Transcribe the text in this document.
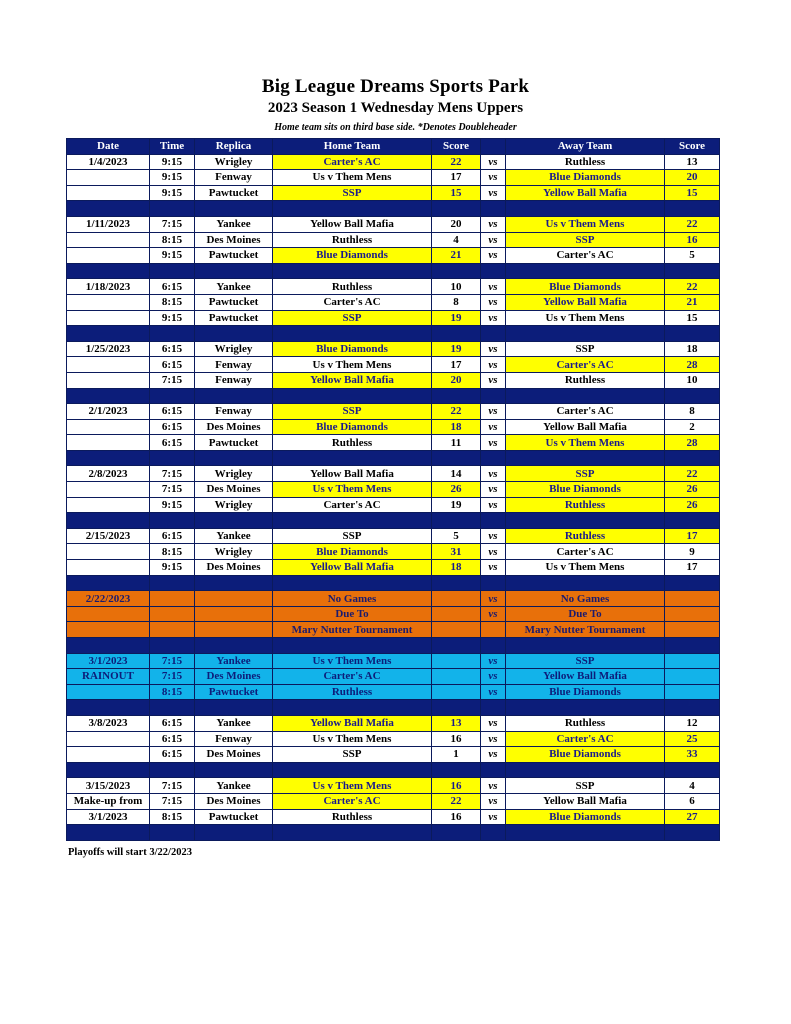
Big League Dreams Sports Park
2023 Season 1 Wednesday Mens Uppers
Home team sits on third base side. *Denotes Doubleheader
Date	Time	Replica	Home Team	Score		Away Team	Score
1/4/2023	9:15	Wrigley	Carter's AC	22	vs	Ruthless	13
	9:15	Fenway	Us v Them Mens	17	vs	Blue Diamonds	20
	9:15	Pawtucket	SSP	15	vs	Yellow Ball Mafia	15

1/11/2023	7:15	Yankee	Yellow Ball Mafia	20	vs	Us v Them Mens	22
	8:15	Des Moines	Ruthless	4	vs	SSP	16
	9:15	Pawtucket	Blue Diamonds	21	vs	Carter's AC	5

1/18/2023	6:15	Yankee	Ruthless	10	vs	Blue Diamonds	22
	8:15	Pawtucket	Carter's AC	8	vs	Yellow Ball Mafia	21
	9:15	Pawtucket	SSP	19	vs	Us v Them Mens	15

1/25/2023	6:15	Wrigley	Blue Diamonds	19	vs	SSP	18
	6:15	Fenway	Us v Them Mens	17	vs	Carter's AC	28
	7:15	Fenway	Yellow Ball Mafia	20	vs	Ruthless	10

2/1/2023	6:15	Fenway	SSP	22	vs	Carter's AC	8
	6:15	Des Moines	Blue Diamonds	18	vs	Yellow Ball Mafia	2
	6:15	Pawtucket	Ruthless	11	vs	Us v Them Mens	28

2/8/2023	7:15	Wrigley	Yellow Ball Mafia	14	vs	SSP	22
	7:15	Des Moines	Us v Them Mens	26	vs	Blue Diamonds	26
	9:15	Wrigley	Carter's AC	19	vs	Ruthless	26

2/15/2023	6:15	Yankee	SSP	5	vs	Ruthless	17
	8:15	Wrigley	Blue Diamonds	31	vs	Carter's AC	9
	9:15	Des Moines	Yellow Ball Mafia	18	vs	Us v Them Mens	17

2/22/2023			No Games		vs	No Games	
			Due To		vs	Due To	
			Mary Nutter Tournament			Mary Nutter Tournament	

3/1/2023	7:15	Yankee	Us v Them Mens		vs	SSP	
RAINOUT	7:15	Des Moines	Carter's AC		vs	Yellow Ball Mafia	
	8:15	Pawtucket	Ruthless		vs	Blue Diamonds	

3/8/2023	6:15	Yankee	Yellow Ball Mafia	13	vs	Ruthless	12
	6:15	Fenway	Us v Them Mens	16	vs	Carter's AC	25
	6:15	Des Moines	SSP	1	vs	Blue Diamonds	33

3/15/2023	7:15	Yankee	Us v Them Mens	16	vs	SSP	4
Make-up from	7:15	Des Moines	Carter's AC	22	vs	Yellow Ball Mafia	6
3/1/2023	8:15	Pawtucket	Ruthless	16	vs	Blue Diamonds	27

Playoffs will start 3/22/2023
